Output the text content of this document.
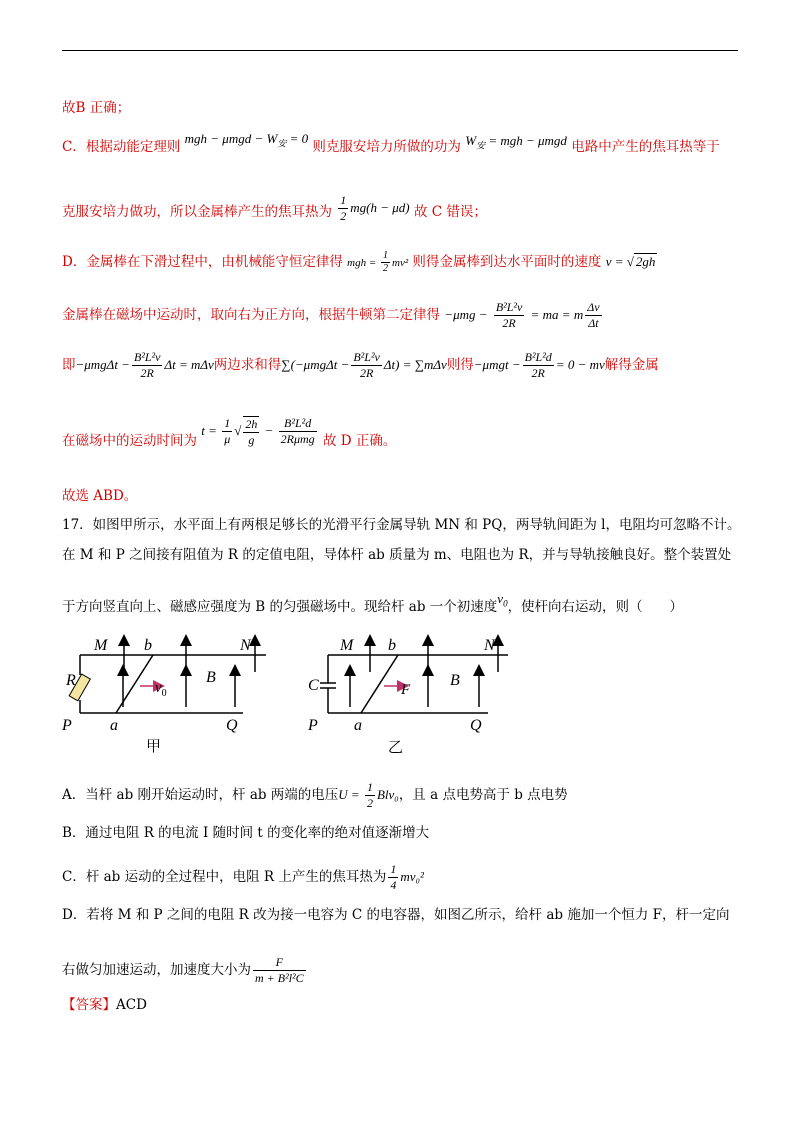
故B 正确；
C．根据动能定理则 mgh − $\mu mgd - W_安 = 0$ 则克服安培力所做的功为 $W_安$ = mgh − μmgd 电路中产生的焦耳热等于
克服安培力做功，所以金属棒产生的焦耳热为 $\frac{1}{2} mg(h - \mu d)$ 故 C 错误；
D．金属棒在下滑过程中，由机械能守恒定律得 mgh = $\frac{1}{2} mv^2$ 则得金属棒到达水平面时的速度 v = √ 2gh
金属棒在磁场中运动时，取向右为正方向，根据牛顿第二定律得 $-\mu mg - \frac{\text{B²L²v}}{2R}$ = ma = m $\frac{\Delta v}{\Delta t}$
即$-\mu mg\Delta t - \frac{\text{B²L²v}}{2R}$ Δt = mΔv两边求和得$\sum(-\mu mg\Delta t - \frac{\text{B²L²v}}{2R} \Delta t) = \sum m\Delta v$则得$-\mu mgt - \frac{\text{B²L²d}}{2R} = 0$ − mv解得金属
在磁场中的运动时间为 $t = \frac{1}{\mu}$ √ $\frac{2h}{g} - \frac{\text{B²L²d}}{\text{2Rμmg}}$ 故 D 正确。
故选 ABD。
17．如图甲所示，水平面上有两根足够长的光滑平行金属导轨 MN 和 PQ，两导轨间距为 l，电阻均可忽略不计。
在 M 和 P 之间接有阻值为 R 的定值电阻，导体杆 ab 质量为 m、电阻也为 R，并与导轨接触良好。整个装置处
于方向竖直向上、磁感应强度为 B 的匀强磁场中。现给杆 ab 一个初速度$v_0$，使杆向右运动，则（　　）
M b	N
R	$v_0$
B
P a	Q
甲
M b	N
C	F
B
P a	Q
乙
A．当杆 ab 刚开始运动时，杆 ab 两端的电压$U = \frac{1}{2} Blv_0$，且 a 点电势高于 b 点电势
B．通过电阻 R 的电流 I 随时间 t 的变化率的绝对值逐渐增大
C．杆 ab 运动的全过程中，电阻 R 上产生的焦耳热为 $\frac{1}{4} mv_0^2$
D．若将 M 和 P 之间的电阻 R 改为接一电容为 C 的电容器，如图乙所示，给杆 ab 施加一个恒力 F，杆一定向
右做匀加速运动，加速度大小为 $\frac{F}{\text{m + B²l²C}}$
【答案】ACD
